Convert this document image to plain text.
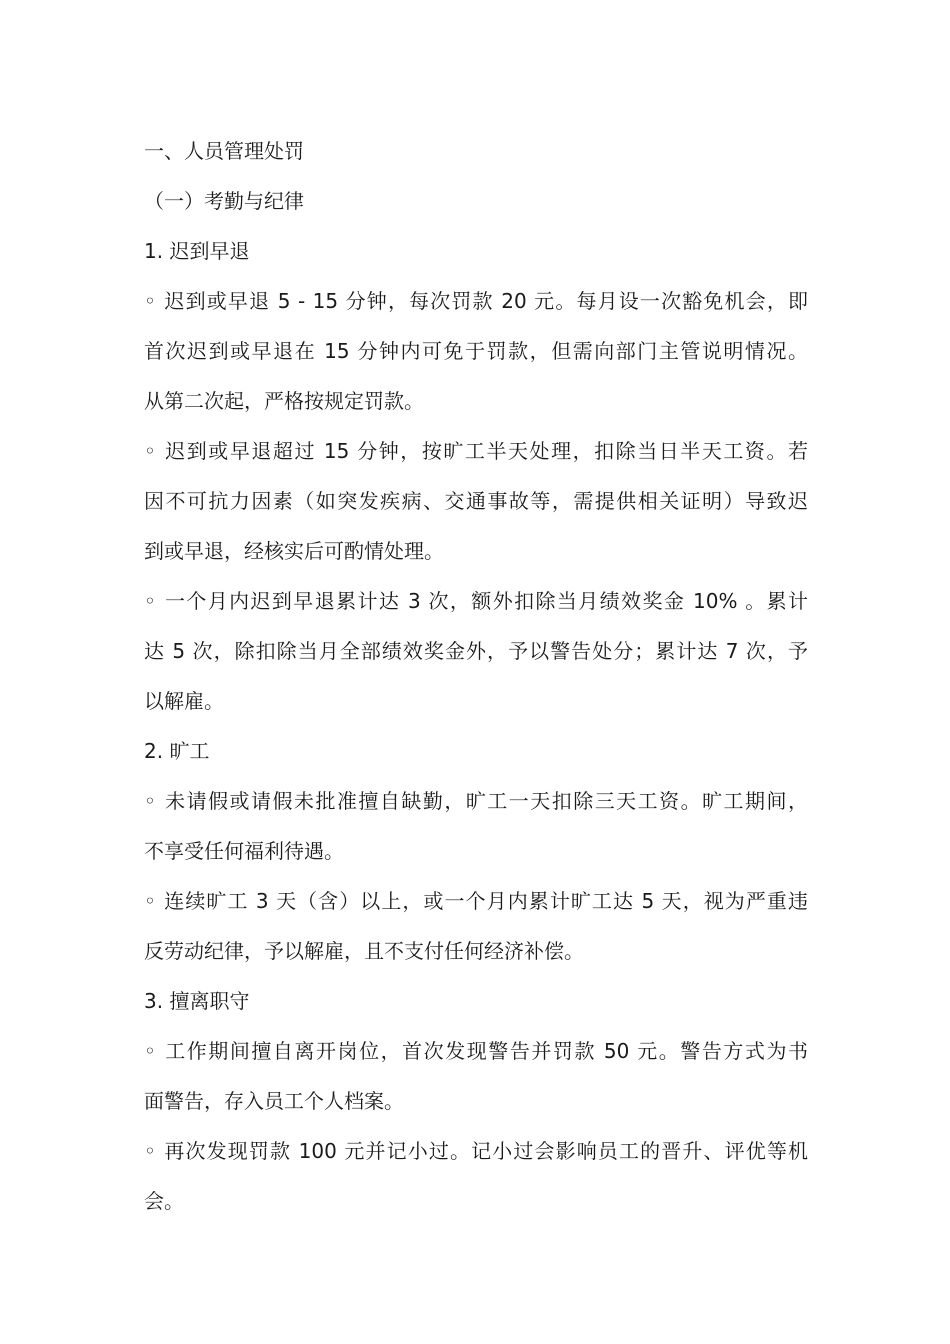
一、人员管理处罚
（一）考勤与纪律
1. 迟到早退
◦ 迟到或早退 5 - 15 分钟，每次罚款 20 元。每月设一次豁免机会，即
首次迟到或早退在 15 分钟内可免于罚款，但需向部门主管说明情况。
从第二次起，严格按规定罚款。
◦ 迟到或早退超过 15 分钟，按旷工半天处理，扣除当日半天工资。若
因不可抗力因素（如突发疾病、交通事故等，需提供相关证明）导致迟
到或早退，经核实后可酌情处理。
◦ 一个月内迟到早退累计达 3 次，额外扣除当月绩效奖金 10% 。累计
达 5 次，除扣除当月全部绩效奖金外，予以警告处分；累计达 7 次，予
以解雇。
2. 旷工
◦ 未请假或请假未批准擅自缺勤，旷工一天扣除三天工资。旷工期间，
不享受任何福利待遇。
◦ 连续旷工 3 天（含）以上，或一个月内累计旷工达 5 天，视为严重违
反劳动纪律，予以解雇，且不支付任何经济补偿。
3. 擅离职守
◦ 工作期间擅自离开岗位，首次发现警告并罚款 50 元。警告方式为书
面警告，存入员工个人档案。
◦ 再次发现罚款 100 元并记小过。记小过会影响员工的晋升、评优等机
会。
